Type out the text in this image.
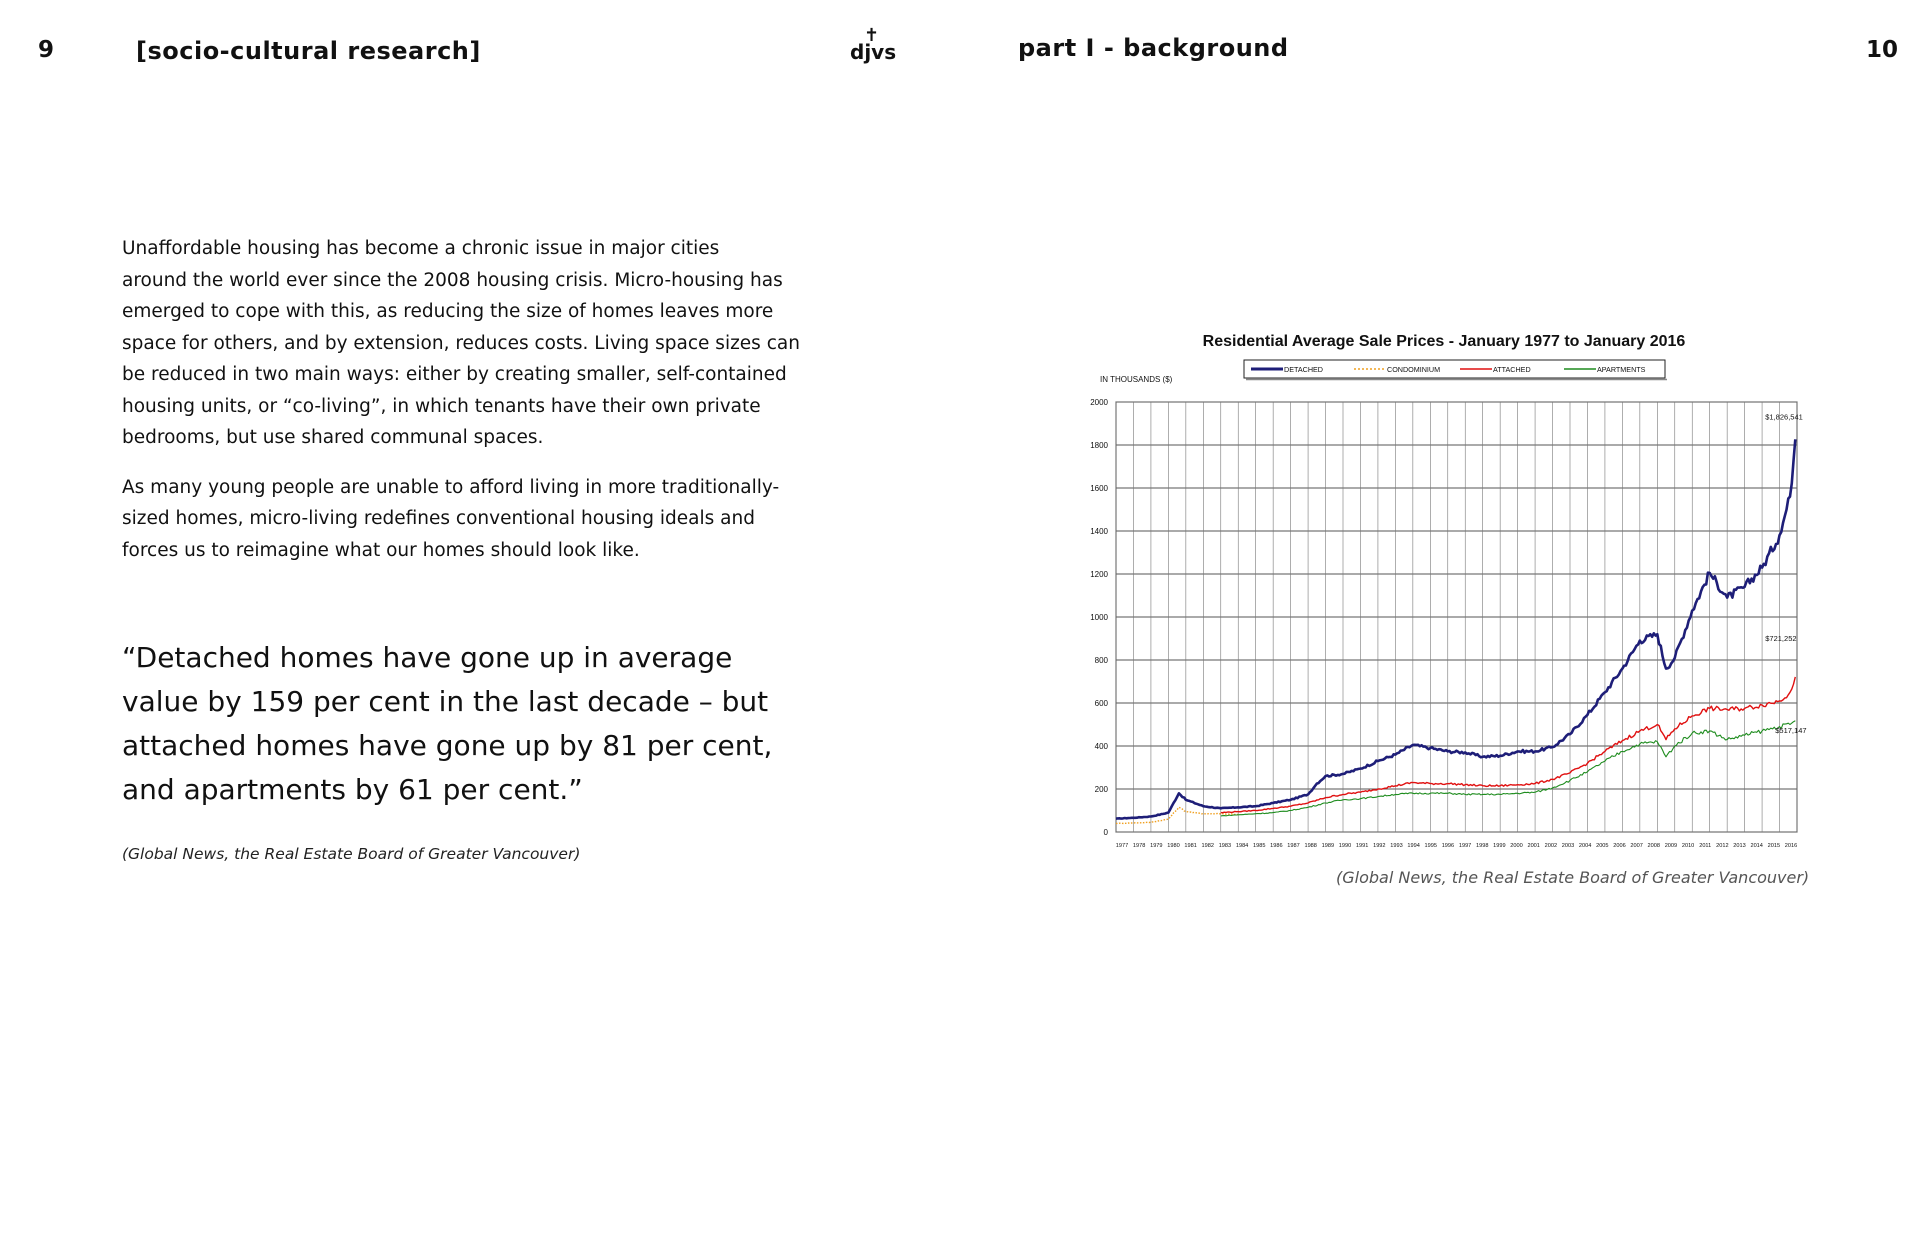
9	[socio-cultural research]
✝
djvs	part I - background	10

Unaffordable housing has become a chronic issue in major cities
around the world ever since the 2008 housing crisis. Micro-housing has
emerged to cope with this, as reducing the size of homes leaves more
space for others, and by extension, reduces costs. Living space sizes can
be reduced in two main ways: either by creating smaller, self-contained
housing units, or “co-living”, in which tenants have their own private
bedrooms, but use shared communal spaces.

As many young people are unable to afford living in more traditionally-
sized homes, micro-living redefines conventional housing ideals and
forces us to reimagine what our homes should look like.

“Detached homes have gone up in average
value by 159 per cent in the last decade – but
attached homes have gone up by 81 per cent,
and apartments by 61 per cent.”

(Global News, the Real Estate Board of Greater Vancouver)
Residential Average Sale Prices - January 1977 to January 2016
DETACHED	CONDOMINIUM	ATTACHED	APARTMENTS
IN THOUSANDS ($)
0
200
400
600
800
1000
1200
1400
1600
1800
2000
1977 1978 1979 1980 1981 1982 1983 1984 1985 1986 1987 1988 1989 1990 1991 1992 1993 1994 1995 1996 1997 1998 1999 2000 2001 2002 2003 2004 2005 2006 2007 2008 2009 2010 2011 2012 2013 2014 2015 2016
$1,826,541
$721,252
$517,147
(Global News, the Real Estate Board of Greater Vancouver)
